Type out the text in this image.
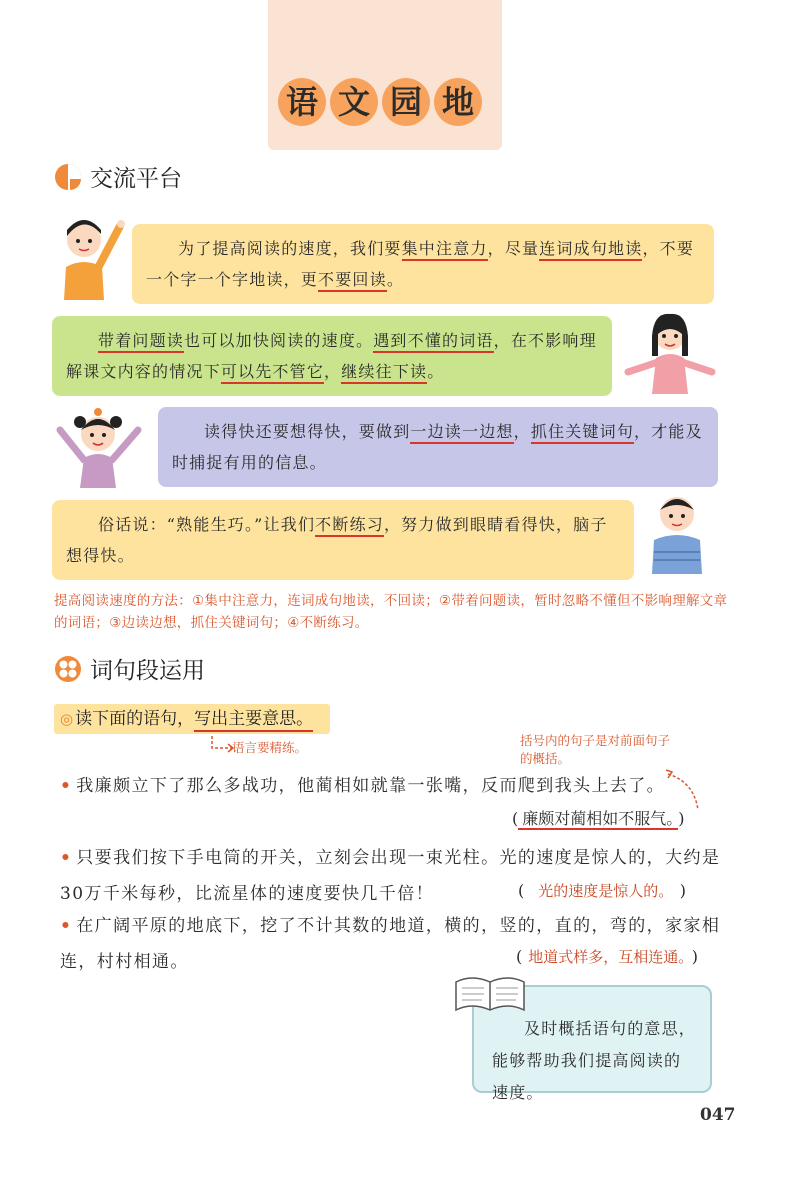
语 文 园 地
交流平台
为了提高阅读的速度，我们要集中注意力，尽量连词成句地读，不要一个字一个字地读，更不要回读。
带着问题读也可以加快阅读的速度。遇到不懂的词语，在不影响理解课文内容的情况下可以先不管它，继续往下读。
读得快还要想得快，要做到一边读一边想，抓住关键词句，才能及时捕捉有用的信息。
俗话说：“熟能生巧。”让我们不断练习，努力做到眼睛看得快，脑子想得快。
提高阅读速度的方法：①集中注意力，连词成句地读，不回读；②带着问题读，暂时忽略不懂但不影响理解文章的词语；③边读边想，抓住关键词句；④不断练习。
词句段运用
◎ 读下面的语句，写出主要意思。
语言要精练。	括号内的句子是对前面句子
的概括。
• 我廉颇立下了那么多战功，他蔺相如就靠一张嘴，反而爬到我头上去了。
( 廉颇对蔺相如不服气。 )
• 只要我们按下手电筒的开关，立刻会出现一束光柱。光的速度是惊人的，大约是30万千米每秒，比流星体的速度要快几千倍！	( 光的速度是惊人的。 )
• 在广阔平原的地底下，挖了不计其数的地道，横的，竖的，直的，弯的，家家相连，村村相通。	( 地道式样多，互相连通。 )
及时概括语句的意思，能够帮助我们提高阅读的速度。
047
